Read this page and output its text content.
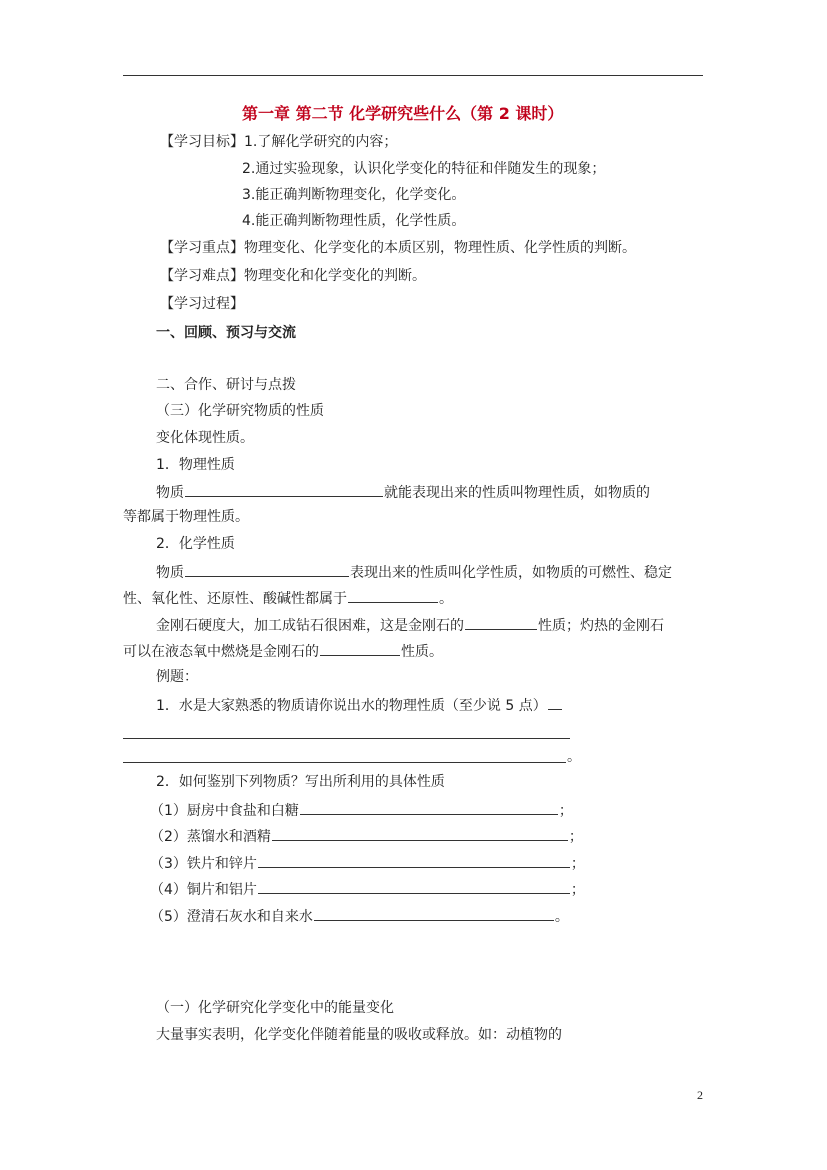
第一章 第二节 化学研究些什么（第 2 课时）
【学习目标】1.了解化学研究的内容；
2.通过实验现象，认识化学变化的特征和伴随发生的现象；
3.能正确判断物理变化，化学变化。
4.能正确判断物理性质，化学性质。
【学习重点】物理变化、化学变化的本质区别，物理性质、化学性质的判断。
【学习难点】物理变化和化学变化的判断。
【学习过程】
一、回顾、预习与交流
二、合作、研讨与点拨
（三）化学研究物质的性质
变化体现性质。
1．物理性质
物质	就能表现出来的性质叫物理性质，如物质的
等都属于物理性质。
2．化学性质
物质	表现出来的性质叫化学性质，如物质的可燃性、稳定
性、氧化性、还原性、酸碱性都属于	。
金刚石硬度大，加工成钻石很困难，这是金刚石的	性质；灼热的金刚石
可以在液态氧中燃烧是金刚石的	性质。
例题：
1．水是大家熟悉的物质请你说出水的物理性质（至少说 5 点）
。
2．如何鉴别下列物质？写出所利用的具体性质
（1）厨房中食盐和白糖	；
（2）蒸馏水和酒精	；
（3）铁片和锌片	；
（4）铜片和铝片	；
（5）澄清石灰水和自来水	。
（一）化学研究化学变化中的能量变化
大量事实表明，化学变化伴随着能量的吸收或释放。如：动植物的
2
